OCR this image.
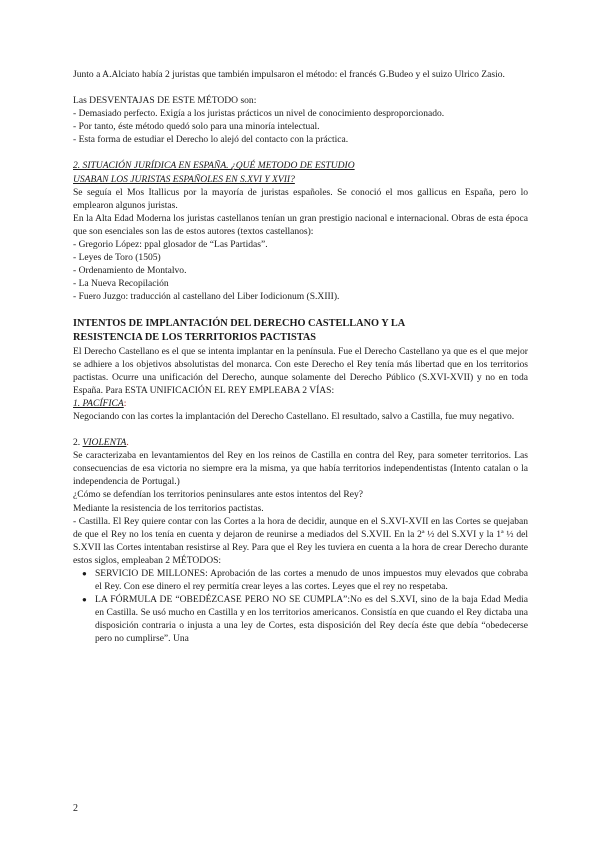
Junto a A.Alciato había 2 juristas que también impulsaron el método: el francés G.Budeo y el suizo Ulrico Zasio.

Las DESVENTAJAS DE ESTE MÉTODO son:

- Demasiado perfecto. Exigía a los juristas prácticos un nivel de conocimiento desproporcionado.

- Por tanto, éste método quedó solo para una minoría intelectual.

- Esta forma de estudiar el Derecho lo alejó del contacto con la práctica.

2. SITUACIÓN JURÍDICA EN ESPAÑA. ¿QUÉ METODO DE ESTUDIO
USABAN LOS JURISTAS ESPAÑOLES EN S.XVI Y XVII?

Se seguía el Mos Itallicus por la mayoría de juristas españoles. Se conoció el mos gallicus en España, pero lo emplearon algunos juristas.

En la Alta Edad Moderna los juristas castellanos tenían un gran prestigio nacional e internacional. Obras de esta época que son esenciales son las de estos autores (textos castellanos):

- Gregorio López: ppal glosador de “Las Partidas”.

- Leyes de Toro (1505)

- Ordenamiento de Montalvo.

- La Nueva Recopilación

- Fuero Juzgo: traducción al castellano del Liber Iodicionum (S.XIII).

INTENTOS DE IMPLANTACIÓN DEL DERECHO CASTELLANO Y LA
RESISTENCIA DE LOS TERRITORIOS PACTISTAS

El Derecho Castellano es el que se intenta implantar en la península. Fue el Derecho Castellano ya que es el que mejor se adhiere a los objetivos absolutistas del monarca. Con este Derecho el Rey tenía más libertad que en los territorios pactistas. Ocurre una unificación del Derecho, aunque solamente del Derecho Público (S.XVI-XVII) y no en toda España. Para ESTA UNIFICACIÓN EL REY EMPLEABA 2 VÍAS:

1. PACÍFICA:

Negociando con las cortes la implantación del Derecho Castellano. El resultado, salvo a Castilla, fue muy negativo.

2. VIOLENTA.

Se caracterizaba en levantamientos del Rey en los reinos de Castilla en contra del Rey, para someter territorios. Las consecuencias de esa victoria no siempre era la misma, ya que había territorios independentistas (Intento catalan o la independencia de Portugal.)

¿Cómo se defendían los territorios peninsulares ante estos intentos del Rey?

Mediante la resistencia de los territorios pactistas.

- Castilla. El Rey quiere contar con las Cortes a la hora de decidir, aunque en el S.XVI-XVII en las Cortes se quejaban de que el Rey no los tenía en cuenta y dejaron de reunirse a mediados del S.XVII. En la 2ª ½ del S.XVI y la 1ª ½ del S.XVII las Cortes intentaban resistirse al Rey. Para que el Rey les tuviera en cuenta a la hora de crear Derecho durante estos siglos, empleaban 2 MÉTODOS:

● SERVICIO DE MILLONES: Aprobación de las cortes a menudo de unos impuestos muy elevados que cobraba el Rey. Con ese dinero el rey permitía crear leyes a las cortes. Leyes que el rey no respetaba.
● LA FÓRMULA DE “OBEDÉZCASE PERO NO SE CUMPLA”:No es del S.XVI, sino de la baja Edad Media en Castilla. Se usó mucho en Castilla y en los territorios americanos. Consistía en que cuando el Rey dictaba una disposición contraria o injusta a una ley de Cortes, esta disposición del Rey decía éste que debía “obedecerse pero no cumplirse”. Una
2
